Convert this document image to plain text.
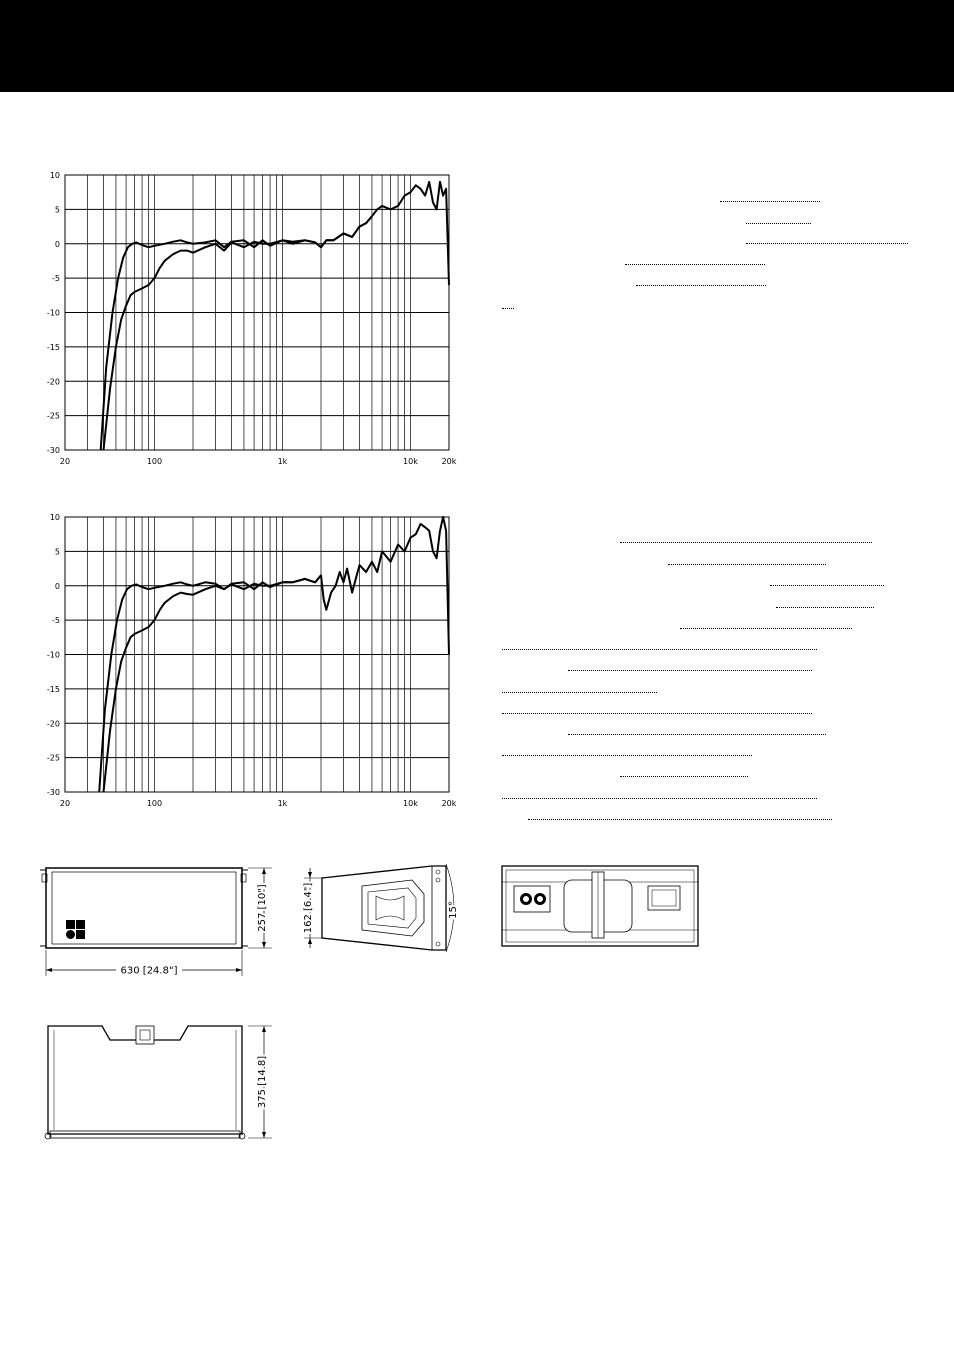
10
5
0
-5
-10
-15
-20
-25
-30
20	100	1k	10k	20k
10
5
0
-5
-10
-15
-20
-25
-30
20	100	1k	10k	20k
630 [24.8"]
257 [10"]	162 [6.4"]	15°
375 [14.8]
